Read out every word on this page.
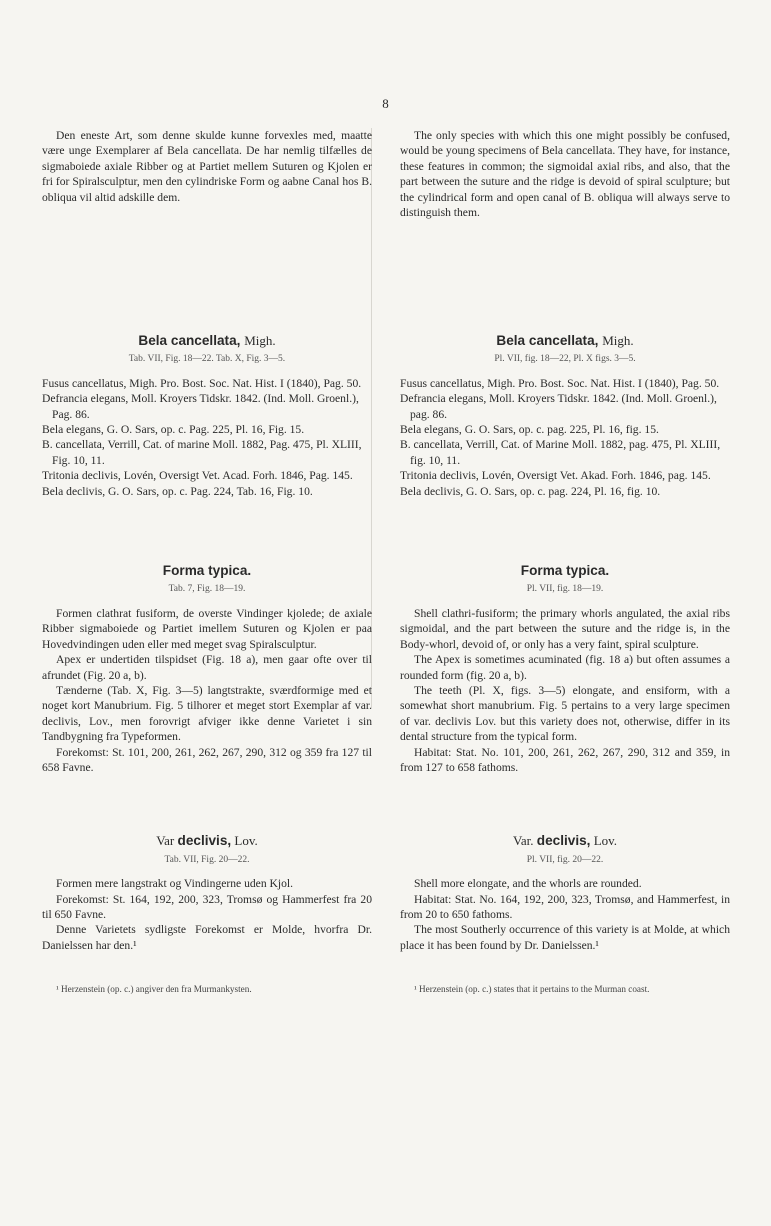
8

Den eneste Art, som denne skulde kunne forvexles med, maatte være unge Exemplarer af Bela cancellata. De har nemlig tilfælles de sigmaboiede axiale Ribber og at Partiet mellem Suturen og Kjolen er fri for Spiralsculptur, men den cylindriske Form og aabne Canal hos B. obliqua vil altid adskille dem.

Bela cancellata, Migh.
Tab. VII, Fig. 18—22. Tab. X, Fig. 3—5.

Fusus cancellatus, Migh. Pro. Bost. Soc. Nat. Hist. I (1840), Pag. 50.

Defrancia elegans, Moll. Kroyers Tidskr. 1842. (Ind. Moll. Groenl.), Pag. 86.

Bela elegans, G. O. Sars, op. c. Pag. 225, Pl. 16, Fig. 15.

B. cancellata, Verrill, Cat. of marine Moll. 1882, Pag. 475, Pl. XLIII, Fig. 10, 11.

Tritonia declivis, Lovén, Oversigt Vet. Acad. Forh. 1846, Pag. 145.

Bela declivis, G. O. Sars, op. c. Pag. 224, Tab. 16, Fig. 10.

Forma typica.
Tab. 7, Fig. 18—19.

Formen clathrat fusiform, de overste Vindinger kjolede; de axiale Ribber sigmaboiede og Partiet imellem Suturen og Kjolen er paa Hovedvindingen uden eller med meget svag Spiralsculptur.

Apex er undertiden tilspidset (Fig. 18 a), men gaar ofte over til afrundet (Fig. 20 a, b).

Tænderne (Tab. X, Fig. 3—5) langtstrakte, sværdformige med et noget kort Manubrium. Fig. 5 tilhorer et meget stort Exemplar af var. declivis, Lov., men forovrigt afviger ikke denne Varietet i sin Tandbygning fra Typeformen.

Forekomst: St. 101, 200, 261, 262, 267, 290, 312 og 359 fra 127 til 658 Favne.

Var declivis, Lov.
Tab. VII, Fig. 20—22.

Formen mere langstrakt og Vindingerne uden Kjol.

Forekomst: St. 164, 192, 200, 323, Tromsø og Hammerfest fra 20 til 650 Favne.

Denne Varietets sydligste Forekomst er Molde, hvorfra Dr. Danielssen har den.¹

¹ Herzenstein (op. c.) angiver den fra Murmankysten.

The only species with which this one might possibly be confused, would be young specimens of Bela cancellata. They have, for instance, these features in common; the sigmoidal axial ribs, and also, that the part between the suture and the ridge is devoid of spiral sculpture; but the cylindrical form and open canal of B. obliqua will always serve to distinguish them.

Bela cancellata, Migh.
Pl. VII, fig. 18—22, Pl. X figs. 3—5.

Fusus cancellatus, Migh. Pro. Bost. Soc. Nat. Hist. I (1840), Pag. 50.

Defrancia elegans, Moll. Kroyers Tidskr. 1842. (Ind. Moll. Groenl.), pag. 86.

Bela elegans, G. O. Sars, op. c. pag. 225, Pl. 16, fig. 15.

B. cancellata, Verrill, Cat. of Marine Moll. 1882, pag. 475, Pl. XLIII, fig. 10, 11.

Tritonia declivis, Lovén, Oversigt Vet. Akad. Forh. 1846, pag. 145.

Bela declivis, G. O. Sars, op. c. pag. 224, Pl. 16, fig. 10.

Forma typica.
Pl. VII, fig. 18—19.

Shell clathri-fusiform; the primary whorls angulated, the axial ribs sigmoidal, and the part between the suture and the ridge is, in the Body-whorl, devoid of, or only has a very faint, spiral sculpture.

The Apex is sometimes acuminated (fig. 18 a) but often assumes a rounded form (fig. 20 a, b).

The teeth (Pl. X, figs. 3—5) elongate, and ensiform, with a somewhat short manubrium. Fig. 5 pertains to a very large specimen of var. declivis Lov. but this variety does not, otherwise, differ in its dental structure from the typical form.

Habitat: Stat. No. 101, 200, 261, 262, 267, 290, 312 and 359, in from 127 to 658 fathoms.

Var. declivis, Lov.
Pl. VII, fig. 20—22.

Shell more elongate, and the whorls are rounded.

Habitat: Stat. No. 164, 192, 200, 323, Tromsø, and Hammerfest, in from 20 to 650 fathoms.

The most Southerly occurrence of this variety is at Molde, at which place it has been found by Dr. Danielssen.¹

¹ Herzenstein (op. c.) states that it pertains to the Murman coast.
